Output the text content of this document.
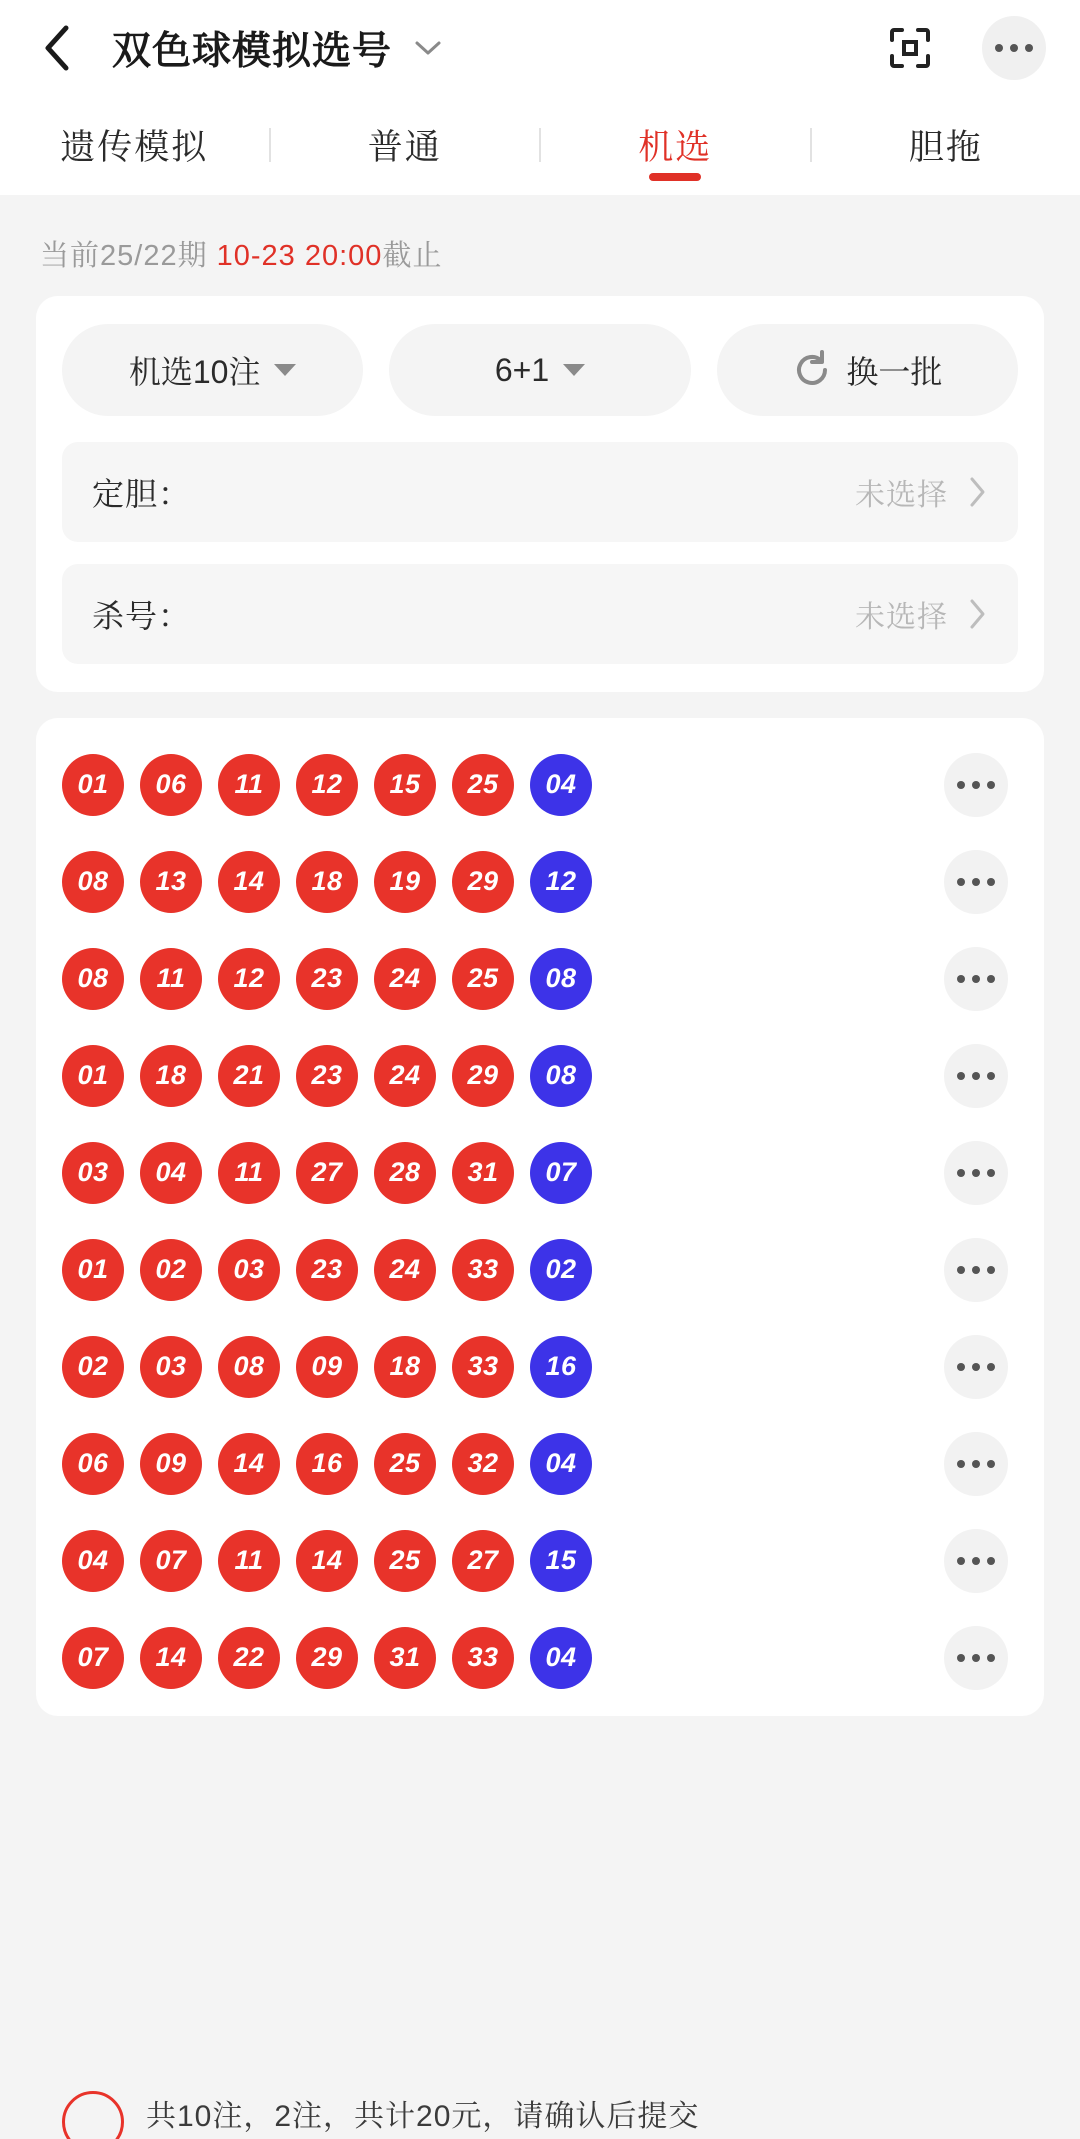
双色球模拟选号
遗传模拟	普通	机选	胆拖
当前25/22期 10-23 20:00截止
机选10注	6+1	换一批
定胆：	未选择
杀号：	未选择
01	06	11	12	15	25	04
08	13	14	18	19	29	12
08	11	12	23	24	25	08
01	18	21	23	24	29	08
03	04	11	27	28	31	07
01	02	03	23	24	33	02
02	03	08	09	18	33	16
06	09	14	16	25	32	04
04	07	11	14	25	27	15
07	14	22	29	31	33	04
共10注，2注，共计20元，请确认后提交
